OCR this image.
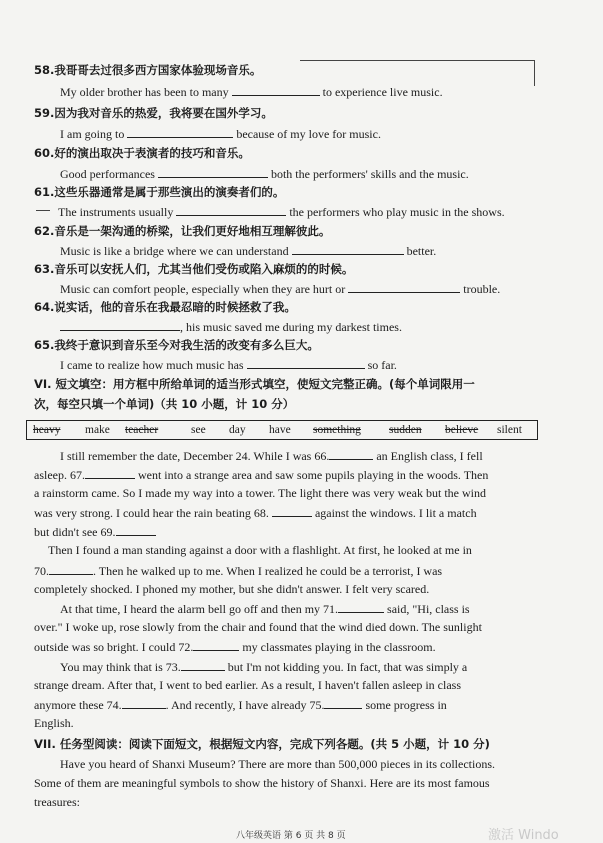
58.我哥哥去过很多西方国家体验现场音乐。
My older brother has been to many	to experience live music.
59.因为我对音乐的热爱，我将要在国外学习。
I am going to	because of my love for music.
60.好的演出取决于表演者的技巧和音乐。
Good performances	both the performers' skills and the music.
61.这些乐器通常是属于那些演出的演奏者们的。
The instruments usually	the performers who play music in the shows.
62.音乐是一架沟通的桥梁，让我们更好地相互理解彼此。
Music is like a bridge where we can understand	better.
63.音乐可以安抚人们，尤其当他们受伤或陷入麻烦的的时候。
Music can comfort people, especially when they are hurt or	trouble.
64.说实话，他的音乐在我最忍暗的时候拯救了我。
, his music saved me during my darkest times.
65.我终于意识到音乐至今对我生活的改变有多么巨大。
I came to realize how much music has	so far.
VI. 短文填空：用方框中所给单词的适当形式填空，使短文完整正确。(每个单词限用一
次，每空只填一个单词)（共 10 小题，计 10 分）
heavy make teacher	see day have something sudden believe silent
I still remember the date, December 24. While I was 66.	an English class, I fell
asleep. 67.	went into a strange area and saw some pupils playing in the woods. Then
a rainstorm came. So I made my way into a tower. The light there was very weak but the wind
was very strong. I could hear the rain beating 68.	against the windows. I lit a match
but didn't see 69.
Then I found a man standing against a door with a flashlight. At first, he looked at me in
70.	. Then he walked up to me. When I realized he could be a terrorist, I was
completely shocked. I phoned my mother, but she didn't answer. I felt very scared.
At that time, I heard the alarm bell go off and then my 71.	said, "Hi, class is
over." I woke up, rose slowly from the chair and found that the wind died down. The sunlight
outside was so bright. I could 72.	my classmates playing in the classroom.
You may think that is 73.	but I'm not kidding you. In fact, that was simply a
strange dream. After that, I went to bed earlier. As a result, I haven't fallen asleep in class
anymore these 74.	. And recently, I have already 75.	some progress in
English.
VII. 任务型阅读：阅读下面短文，根据短文内容，完成下列各题。(共 5 小题，计 10 分)
Have you heard of Shanxi Museum? There are more than 500,000 pieces in its collections.
Some of them are meaningful symbols to show the history of Shanxi. Here are its most famous
treasures:
八年级英语 第 6 页 共 8 页	激活 Windo
